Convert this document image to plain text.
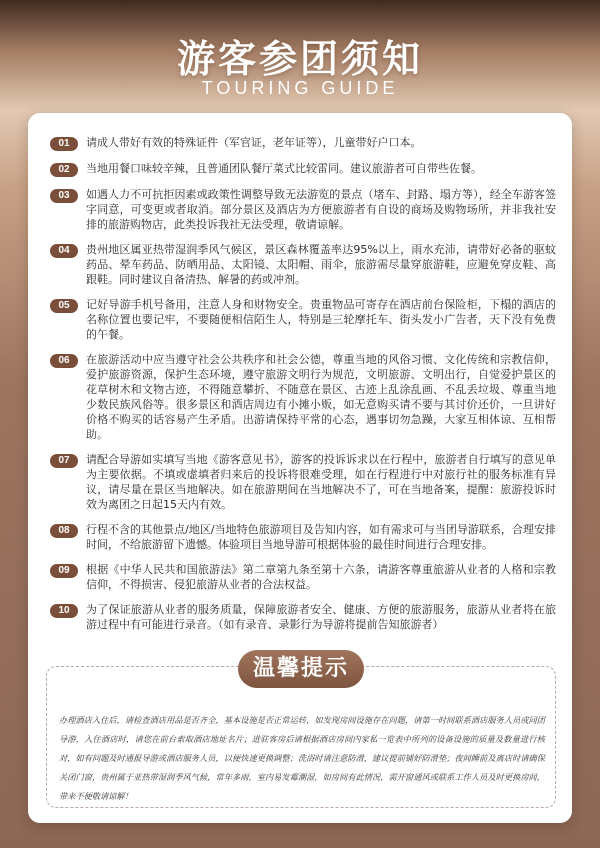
游客参团须知
TOURING GUIDE
01	请成人带好有效的特殊证件（军官证，老年证等），儿童带好户口本。
02	当地用餐口味较辛辣，且普通团队餐厅菜式比较雷同。建议旅游者可自带些佐餐。
03	如遇人力不可抗拒因素或政策性调整导致无法游览的景点（堵车、封路、塌方等），经全车游客签字同意，可变更或者取消。部分景区及酒店为方便旅游者有自设的商场及购物场所，并非我社安排的旅游购物店，此类投诉我社无法受理，敬请谅解。
04	贵州地区属亚热带湿润季风气候区，景区森林覆盖率达95%以上，雨水充沛，请带好必备的驱蚊药品、晕车药品、防晒用品、太阳镜、太阳帽、雨伞，旅游需尽量穿旅游鞋，应避免穿皮鞋、高跟鞋。同时建议自备清热、解暑的药或冲剂。
05	记好导游手机号备用，注意人身和财物安全。贵重物品可寄存在酒店前台保险柜，下榻的酒店的名称位置也要记牢，不要随便相信陌生人，特别是三轮摩托车、街头发小广告者，天下没有免费的午餐。
06	在旅游活动中应当遵守社会公共秩序和社会公德，尊重当地的风俗习惯、文化传统和宗教信仰，爱护旅游资源，保护生态环境，遵守旅游文明行为规范，文明旅游、文明出行，自觉爱护景区的花草树木和文物古迹，不得随意攀折、不随意在景区、古迹上乱涂乱画、不乱丢垃圾、尊重当地少数民族风俗等。很多景区和酒店周边有小摊小贩，如无意购买请不要与其讨价还价，一旦讲好价格不购买的话容易产生矛盾。出游请保持平常的心态，遇事切勿急躁，大家互相体谅、互相帮助。
07	请配合导游如实填写当地《游客意见书》，游客的投诉诉求以在行程中，旅游者自行填写的意见单为主要依据。不填或虚填者归来后的投诉将很难受理，如在行程进行中对旅行社的服务标准有异议，请尽量在景区当地解决。如在旅游期间在当地解决不了，可在当地备案，提醒：旅游投诉时效为离团之日起15天内有效。
08	行程不含的其他景点/地区/当地特色旅游项目及告知内容，如有需求可与当团导游联系，合理安排时间，不给旅游留下遗憾。体验项目当地导游可根据体验的最佳时间进行合理安排。
09	根据《中华人民共和国旅游法》第二章第九条至第十六条，请游客尊重旅游从业者的人格和宗教信仰，不得损害、侵犯旅游从业者的合法权益。
10	为了保证旅游从业者的服务质量，保障旅游者安全、健康、方便的旅游服务，旅游从业者将在旅游过程中有可能进行录音。（如有录音、录影行为导游将提前告知旅游者）
办理酒店入住后，请检查酒店用品是否齐全，基本设施是否正常运转，如发现房间设施存在问题，请第一时间联系酒店服务人员或同团导游，入住酒店时，请您在前台索取酒店地址名片；进驻客房后请根据酒店房间内家私一览表中所列的设备设施的质量及数量进行核对，如有问题及时通报导游或酒店服务人员，以便快速更换调整；洗浴时请注意防滑，建议提前铺好防滑垫；夜间睡前及离店时请确保关闭门窗，贵州属于亚热带湿润季风气候，常年多雨，室内易发霉潮湿，如房间有此情况，需开窗通风或联系工作人员及时更换房间，带来不便敬请谅解！
温馨提示
